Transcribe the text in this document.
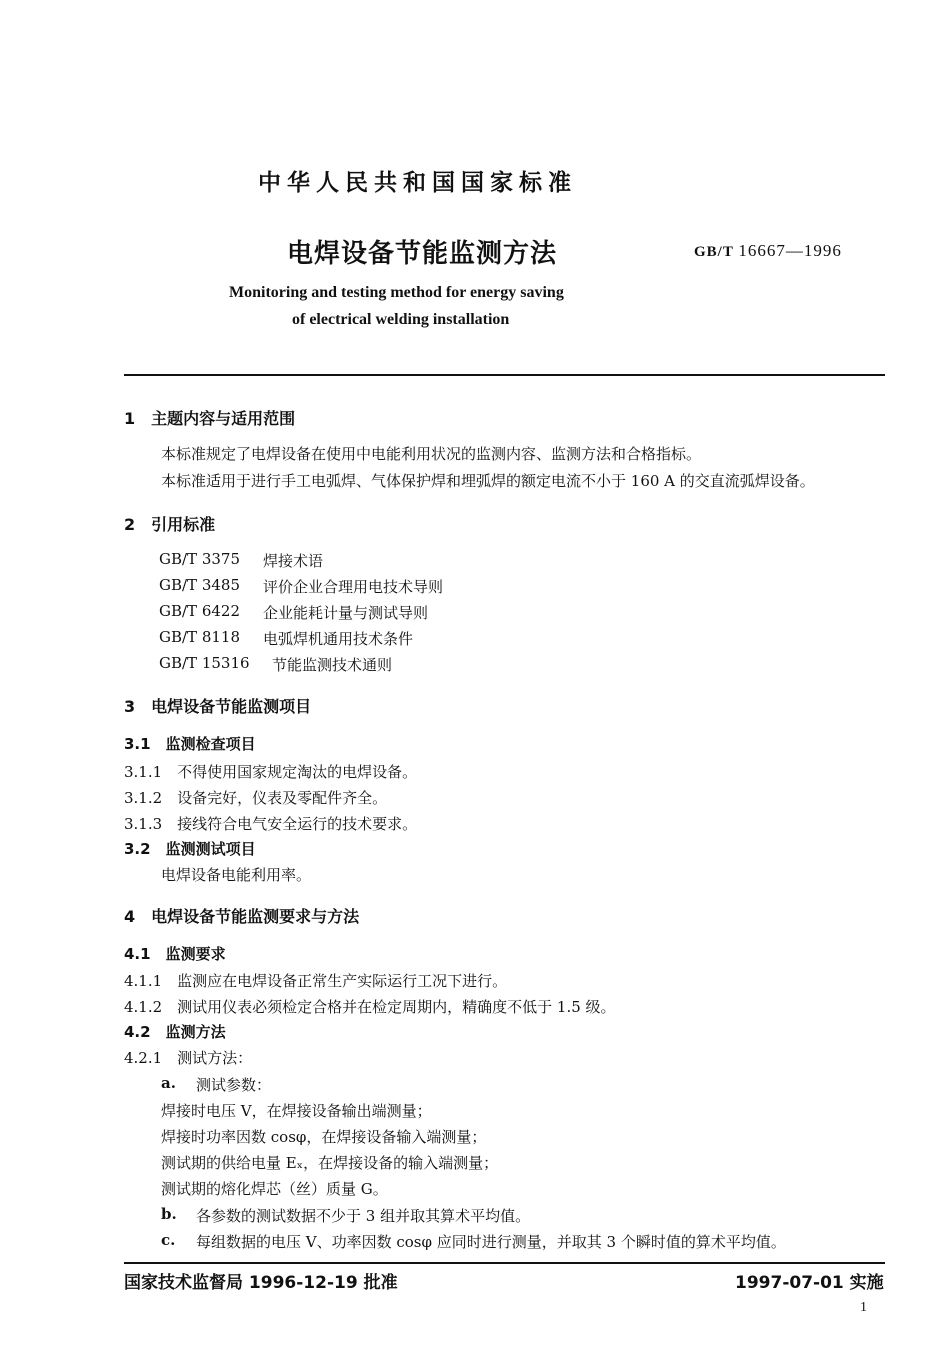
中华人民共和国国家标准
电焊设备节能监测方法	GB/T 16667—1996
Monitoring and testing method for energy saving
of electrical welding installation
1　主题内容与适用范围
本标准规定了电焊设备在使用中电能利用状况的监测内容、监测方法和合格指标。
本标准适用于进行手工电弧焊、气体保护焊和埋弧焊的额定电流不小于 160 A 的交直流弧焊设备。
2　引用标准
GB/T 3375 焊接术语
GB/T 3485 评价企业合理用电技术导则
GB/T 6422 企业能耗计量与测试导则
GB/T 8118 电弧焊机通用技术条件
GB/T 15316 节能监测技术通则
3　电焊设备节能监测项目
3.1　监测检查项目
3.1.1　不得使用国家规定淘汰的电焊设备。
3.1.2　设备完好，仪表及零配件齐全。
3.1.3　接线符合电气安全运行的技术要求。
3.2　监测测试项目
电焊设备电能利用率。
4　电焊设备节能监测要求与方法
4.1　监测要求
4.1.1　监测应在电焊设备正常生产实际运行工况下进行。
4.1.2　测试用仪表必须检定合格并在检定周期内，精确度不低于 1.5 级。
4.2　监测方法
4.2.1　测试方法：
a. 测试参数：
焊接时电压 V，在焊接设备输出端测量；
焊接时功率因数 cosφ，在焊接设备输入端测量；
测试期的供给电量 Eₓ，在焊接设备的输入端测量；
测试期的熔化焊芯（丝）质量 G。
b. 各参数的测试数据不少于 3 组并取其算术平均值。
c. 每组数据的电压 V、功率因数 cosφ 应同时进行测量，并取其 3 个瞬时值的算术平均值。
国家技术监督局 1996-12-19 批准	1997-07-01 实施
1
